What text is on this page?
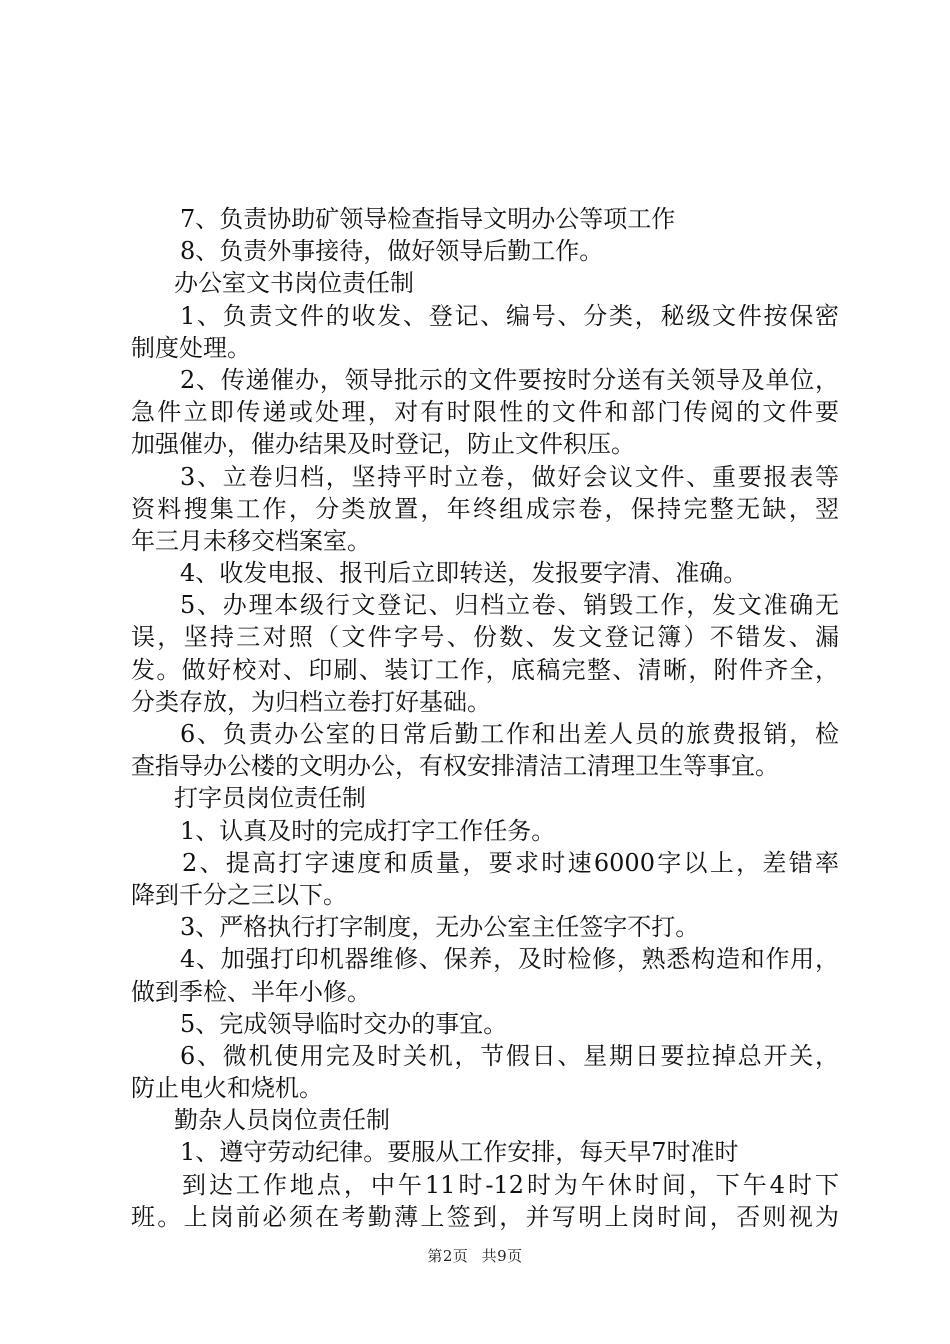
7、负责协助矿领导检查指导文明办公等项工作
8、负责外事接待，做好领导后勤工作。
办公室文书岗位责任制
1、负责文件的收发、登记、编号、分类，秘级文件按保密
制度处理。
2、传递催办，领导批示的文件要按时分送有关领导及单位，
急件立即传递或处理，对有时限性的文件和部门传阅的文件要
加强催办，催办结果及时登记，防止文件积压。
3、立卷归档，坚持平时立卷，做好会议文件、重要报表等
资料搜集工作，分类放置，年终组成宗卷，保持完整无缺，翌
年三月未移交档案室。
4、收发电报、报刊后立即转送，发报要字清、准确。
5、办理本级行文登记、归档立卷、销毁工作，发文准确无
误，坚持三对照（文件字号、份数、发文登记簿）不错发、漏
发。做好校对、印刷、装订工作，底稿完整、清晰，附件齐全，
分类存放，为归档立卷打好基础。
6、负责办公室的日常后勤工作和出差人员的旅费报销，检
查指导办公楼的文明办公，有权安排清洁工清理卫生等事宜。
打字员岗位责任制
1、认真及时的完成打字工作任务。
2、提高打字速度和质量，要求时速6000字以上，差错率
降到千分之三以下。
3、严格执行打字制度，无办公室主任签字不打。
4、加强打印机器维修、保养，及时检修，熟悉构造和作用，
做到季检、半年小修。
5、完成领导临时交办的事宜。
6、微机使用完及时关机，节假日、星期日要拉掉总开关，
防止电火和烧机。
勤杂人员岗位责任制
1、遵守劳动纪律。要服从工作安排，每天早7时准时
到达工作地点，中午11时-12时为午休时间，下午4时下
班。上岗前必须在考勤薄上签到，并写明上岗时间，否则视为
第2页 共9页
